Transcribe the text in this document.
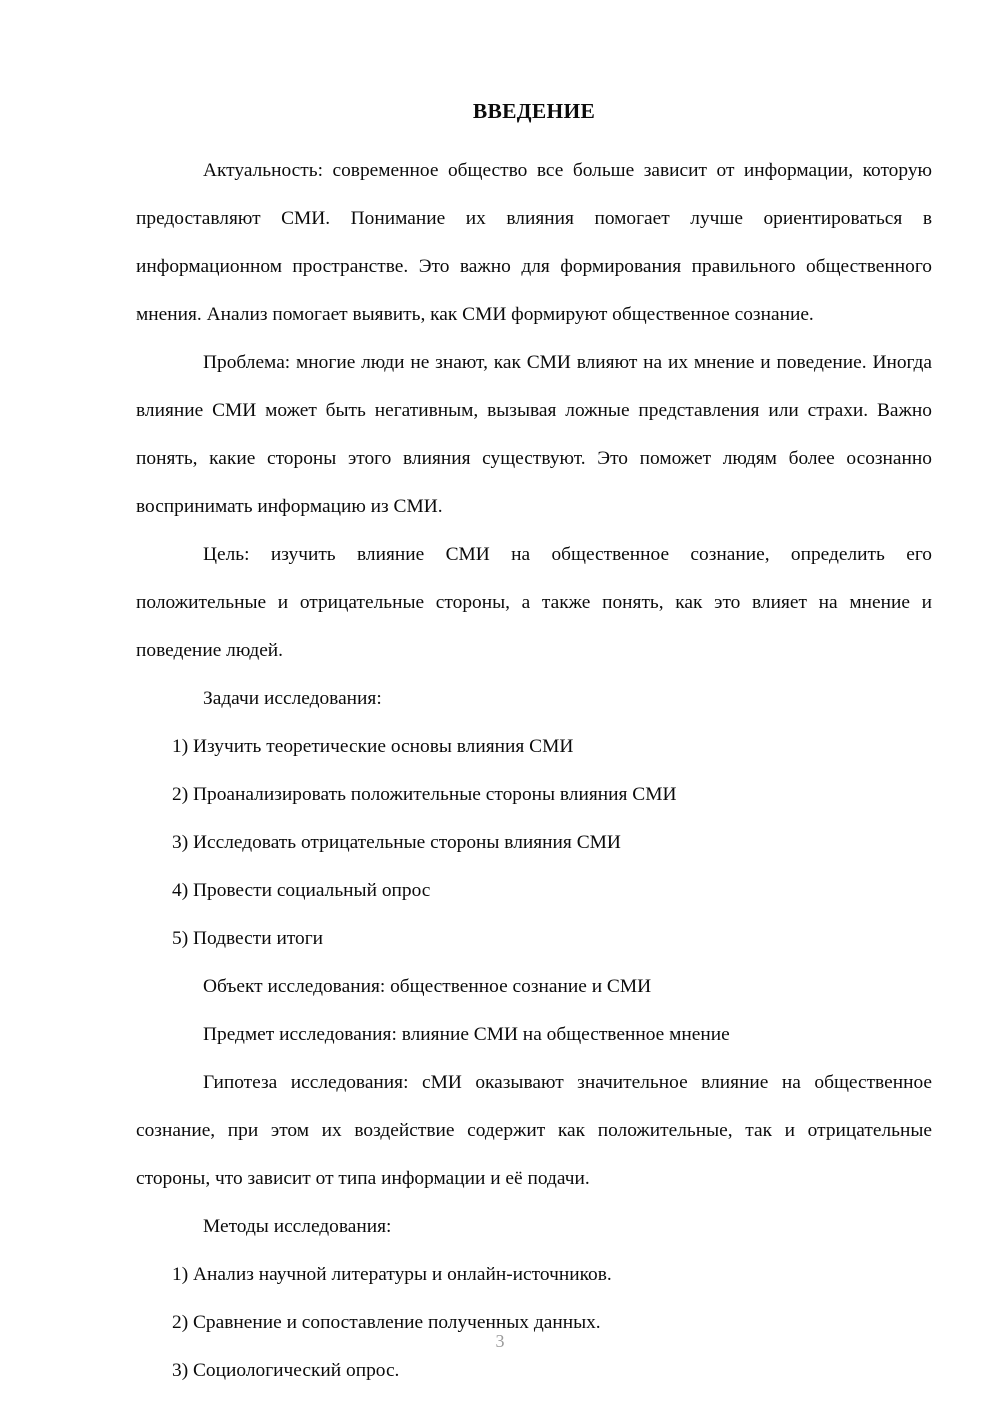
ВВЕДЕНИЕ

Актуальность: современное общество все больше зависит от информации, которую предоставляют СМИ. Понимание их влияния помогает лучше ориентироваться в информационном пространстве. Это важно для формирования правильного общественного мнения. Анализ помогает выявить, как СМИ формируют общественное сознание.

Проблема: многие люди не знают, как СМИ влияют на их мнение и поведение. Иногда влияние СМИ может быть негативным, вызывая ложные представления или страхи. Важно понять, какие стороны этого влияния существуют. Это поможет людям более осознанно воспринимать информацию из СМИ.

Цель: изучить влияние СМИ на общественное сознание, определить его положительные и отрицательные стороны, а также понять, как это влияет на мнение и поведение людей.

Задачи исследования:

1) Изучить теоретические основы влияния СМИ

2) Проанализировать положительные стороны влияния СМИ

3) Исследовать отрицательные стороны влияния СМИ

4) Провести социальный опрос

5) Подвести итоги

Объект исследования: общественное сознание и СМИ

Предмет исследования: влияние СМИ на общественное мнение

Гипотеза исследования: сМИ оказывают значительное влияние на общественное сознание, при этом их воздействие содержит как положительные, так и отрицательные стороны, что зависит от типа информации и её подачи.

Методы исследования:

1) Анализ научной литературы и онлайн-источников.

2) Сравнение и сопоставление полученных данных.

3) Социологический опрос.

3
